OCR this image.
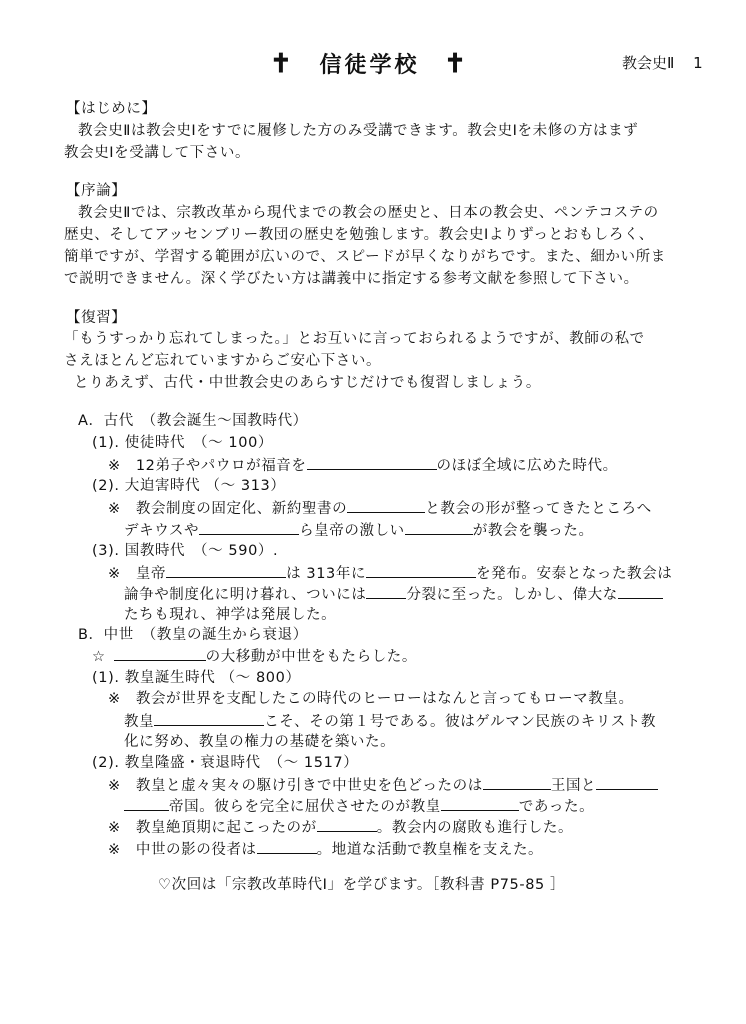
✝ 信徒学校 ✝	教会史Ⅱ 1
【はじめに】
教会史Ⅱは教会史Ⅰをすでに履修した方のみ受講できます。教会史Ⅰを未修の方はまず
教会史Ⅰを受講して下さい。
【序論】
教会史Ⅱでは、宗教改革から現代までの教会の歴史と、日本の教会史、ペンテコステの
歴史、そしてアッセンブリー教団の歴史を勉強します。教会史Ⅰよりずっとおもしろく、
簡単ですが、学習する範囲が広いので、スピードが早くなりがちです。また、細かい所ま
で説明できません。深く学びたい方は講義中に指定する参考文献を参照して下さい。
【復習】
「もうすっかり忘れてしまった。」とお互いに言っておられるようですが、教師の私で
さえほとんど忘れていますからご安心下さい。
とりあえず、古代・中世教会史のあらすじだけでも復習しましょう。
A．古代　（教会誕生～国教時代）
(1). 使徒時代　（～ 100）
※　12弟子やパウロが福音を	のほぼ全域に広めた時代。
(2). 大迫害時代 （～ 313）
※　教会制度の固定化、新約聖書の	と教会の形が整ってきたところへ
デキウスや	ら皇帝の激しい	が教会を襲った。
(3). 国教時代　（～ 590）.
※　皇帝	は 313年に	を発布。安泰となった教会は
論争や制度化に明け暮れ、ついには	分裂に至った。しかし、偉大な
たちも現れ、神学は発展した。
B．中世　（教皇の誕生から衰退）
☆	の大移動が中世をもたらした。
(1). 教皇誕生時代 （～ 800）
※　教会が世界を支配したこの時代のヒーローはなんと言ってもローマ教皇。
教皇	こそ、その第１号である。彼はゲルマン民族のキリスト教
化に努め、教皇の権力の基礎を築いた。
(2). 教皇隆盛・衰退時代　（～ 1517）
※　教皇と虚々実々の駆け引きで中世史を色どったのは	王国と
帝国。彼らを完全に屈伏させたのが教皇	であった。
※　教皇絶頂期に起こったのが	。教会内の腐敗も進行した。
※　中世の影の役者は	。地道な活動で教皇権を支えた。
♡次回は「宗教改革時代Ⅰ」を学びます。［教科書 P75-85 ］
